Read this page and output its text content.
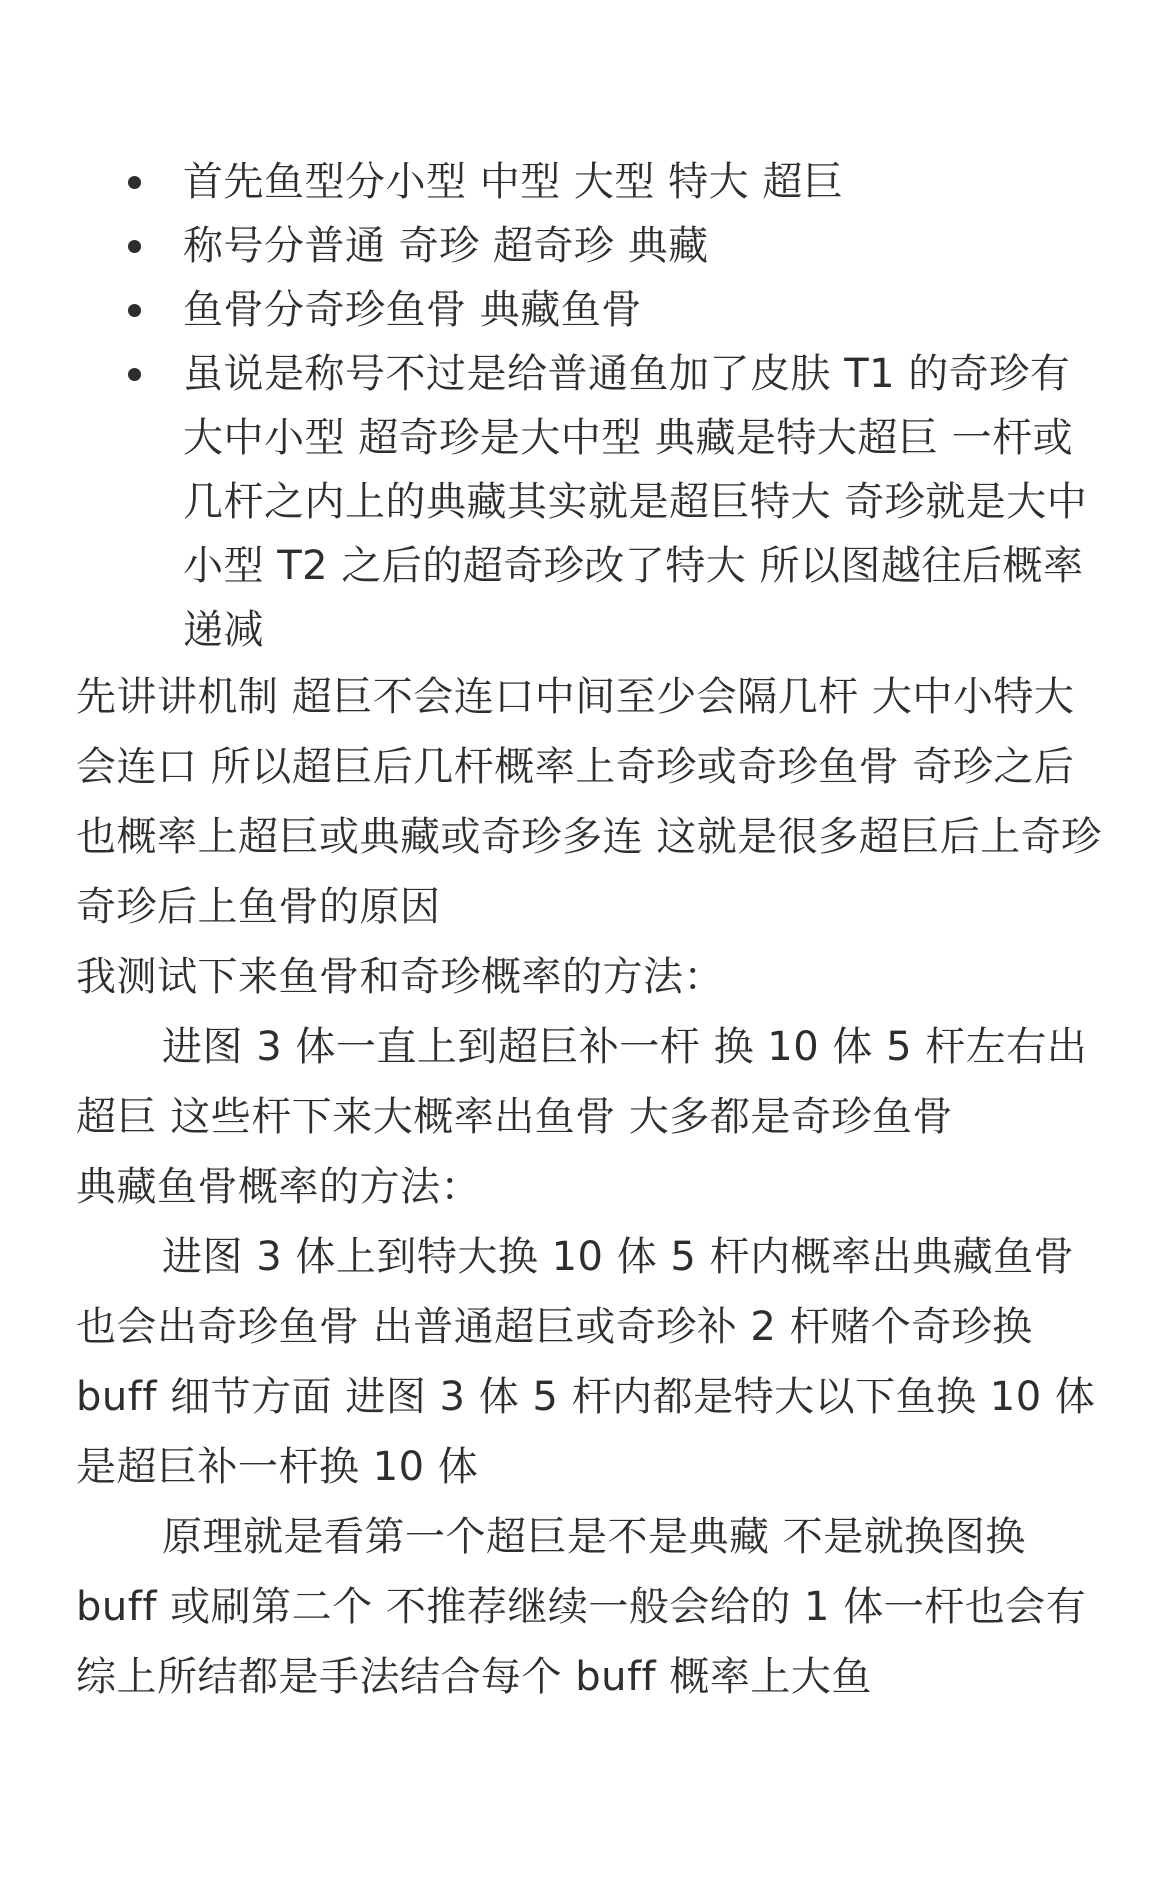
首先鱼型分小型 中型 大型 特大 超巨
称号分普通 奇珍 超奇珍 典藏
鱼骨分奇珍鱼骨 典藏鱼骨
虽说是称号不过是给普通鱼加了皮肤 T1 的奇珍有大中小型 超奇珍是大中型 典藏是特大超巨 一杆或几杆之内上的典藏其实就是超巨特大 奇珍就是大中小型 T2 之后的超奇珍改了特大 所以图越往后概率递减

先讲讲机制 超巨不会连口中间至少会隔几杆 大中小特大会连口 所以超巨后几杆概率上奇珍或奇珍鱼骨 奇珍之后也概率上超巨或典藏或奇珍多连 这就是很多超巨后上奇珍 奇珍后上鱼骨的原因

我测试下来鱼骨和奇珍概率的方法：

进图 3 体一直上到超巨补一杆 换 10 体 5 杆左右出超巨 这些杆下来大概率出鱼骨 大多都是奇珍鱼骨

典藏鱼骨概率的方法：

进图 3 体上到特大换 10 体 5 杆内概率出典藏鱼骨也会出奇珍鱼骨 出普通超巨或奇珍补 2 杆赌个奇珍换 buff 细节方面 进图 3 体 5 杆内都是特大以下鱼换 10 体 是超巨补一杆换 10 体

原理就是看第一个超巨是不是典藏 不是就换图换 buff 或刷第二个 不推荐继续一般会给的 1 体一杆也会有 综上所结都是手法结合每个 buff 概率上大鱼
